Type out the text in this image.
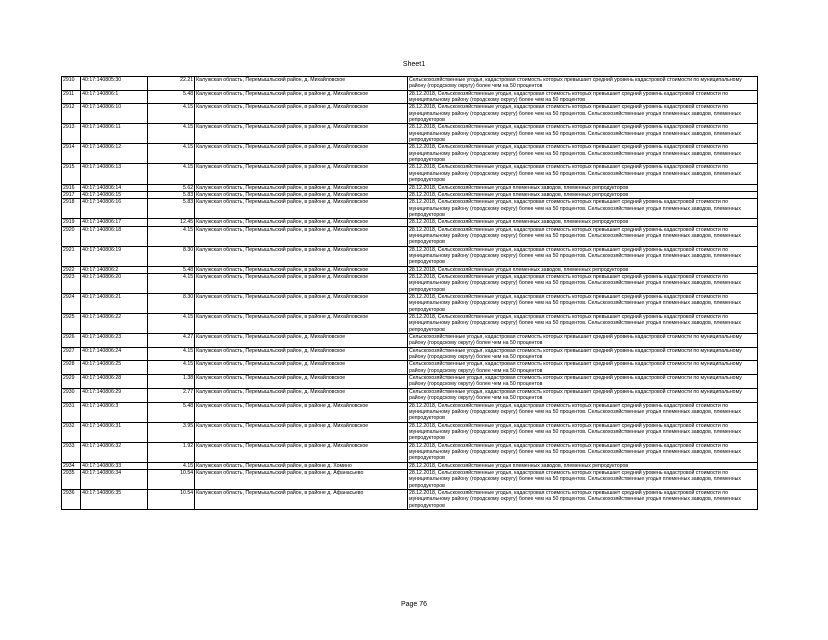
Sheet1
2910	40:17:140805:30	22.21	Калужская область, Перемышльский район, д. Михайловское	Сельскохозяйственные угодья, кадастровая стоимость которых превышает средний уровень кадастровой стоимости по муниципальному району (городскому округу) более чем на 50 процентов
2911	40:17:140806:1	5.48	Калужская область, Перемышльский район, в районе д. Михайловское	28.12.2018, Сельскохозяйственные угодья, кадастровая стоимость которых превышает средний уровень кадастровой стоимости по муниципальному району (городскому округу) более чем на 50 процентов
2912	40:17:140806:10	4.15	Калужская область, Перемышльский район, в районе д. Михайловское	28.12.2018, Сельскохозяйственные угодья, кадастровая стоимость которых превышает средний уровень кадастровой стоимости по муниципальному району (городскому округу) более чем на 50 процентов. Сельскохозяйственные угодья племенных заводов, племенных репродукторов
2913	40:17:140806:11	4.15	Калужская область, Перемышльский район, в районе д. Михайловское	28.12.2018, Сельскохозяйственные угодья, кадастровая стоимость которых превышает средний уровень кадастровой стоимости по муниципальному району (городскому округу) более чем на 50 процентов. Сельскохозяйственные угодья племенных заводов, племенных репродукторов
2914	40:17:140806:12	4.15	Калужская область, Перемышльский район, в районе д. Михайловское	28.12.2018, Сельскохозяйственные угодья, кадастровая стоимость которых превышает средний уровень кадастровой стоимости по муниципальному району (городскому округу) более чем на 50 процентов. Сельскохозяйственные угодья племенных заводов, племенных репродукторов
2915	40:17:140806:13	4.15	Калужская область, Перемышльский район, в районе д. Михайловское	28.12.2018, Сельскохозяйственные угодья, кадастровая стоимость которых превышает средний уровень кадастровой стоимости по муниципальному району (городскому округу) более чем на 50 процентов. Сельскохозяйственные угодья племенных заводов, племенных репродукторов
2916	40:17:140806:14	5.62	Калужская область, Перемышльский район, в районе д. Михайловское	28.12.2018, Сельскохозяйственные угодья племенных заводов, племенных репродукторов
2917	40:17:140806:15	5.83	Калужская область, Перемышльский район, в районе д. Михайловское	28.12.2018, Сельскохозяйственные угодья племенных заводов, племенных репродукторов
2918	40:17:140806:16	5.83	Калужская область, Перемышльский район, в районе д. Михайловское	28.12.2018, Сельскохозяйственные угодья, кадастровая стоимость которых превышает средний уровень кадастровой стоимости по муниципальному району (городскому округу) более чем на 50 процентов. Сельскохозяйственные угодья племенных заводов, племенных репродукторов
2919	40:17:140806:17	12.45	Калужская область, Перемышльский район, в районе д. Михайловское	28.12.2018, Сельскохозяйственные угодья племенных заводов, племенных репродукторов
2920	40:17:140806:18	4.15	Калужская область, Перемышльский район, в районе д. Михайловское	28.12.2018, Сельскохозяйственные угодья, кадастровая стоимость которых превышает средний уровень кадастровой стоимости по муниципальному району (городскому округу) более чем на 50 процентов. Сельскохозяйственные угодья племенных заводов, племенных репродукторов
2921	40:17:140806:19	8.30	Калужская область, Перемышльский район, в районе д. Михайловское	28.12.2018, Сельскохозяйственные угодья, кадастровая стоимость которых превышает средний уровень кадастровой стоимости по муниципальному району (городскому округу) более чем на 50 процентов. Сельскохозяйственные угодья племенных заводов, племенных репродукторов
2922	40:17:140806:2	5.48	Калужская область, Перемышльский район, в районе д. Михайловское	28.12.2018, Сельскохозяйственные угодья племенных заводов, племенных репродукторов
2923	40:17:140806:20	4.15	Калужская область, Перемышльский район, в районе д. Михайловское	28.12.2018, Сельскохозяйственные угодья, кадастровая стоимость которых превышает средний уровень кадастровой стоимости по муниципальному району (городскому округу) более чем на 50 процентов. Сельскохозяйственные угодья племенных заводов, племенных репродукторов
2924	40:17:140806:21	8.30	Калужская область, Перемышльский район, в районе д. Михайловское	28.12.2018, Сельскохозяйственные угодья, кадастровая стоимость которых превышает средний уровень кадастровой стоимости по муниципальному району (городскому округу) более чем на 50 процентов. Сельскохозяйственные угодья племенных заводов, племенных репродукторов
2925	40:17:140806:22	4.15	Калужская область, Перемышльский район, в районе д. Михайловское	28.12.2018, Сельскохозяйственные угодья, кадастровая стоимость которых превышает средний уровень кадастровой стоимости по муниципальному району (городскому округу) более чем на 50 процентов. Сельскохозяйственные угодья племенных заводов, племенных репродукторов
2926	40:17:140806:23	4.27	Калужская область, Перемышльский район, д. Михайловское	Сельскохозяйственные угодья, кадастровая стоимость которых превышает средний уровень кадастровой стоимости по муниципальному району (городскому округу) более чем на 50 процентов
2927	40:17:140806:24	4.15	Калужская область, Перемышльский район, д. Михайловское	Сельскохозяйственные угодья, кадастровая стоимость которых превышает средний уровень кадастровой стоимости по муниципальному району (городскому округу) более чем на 50 процентов
2928	40:17:140806:25	4.15	Калужская область, Перемышльский район, д. Михайловское	Сельскохозяйственные угодья, кадастровая стоимость которых превышает средний уровень кадастровой стоимости по муниципальному району (городскому округу) более чем на 50 процентов
2929	40:17:140806:28	1.38	Калужская область, Перемышльский район, д. Михайловское	Сельскохозяйственные угодья, кадастровая стоимость которых превышает средний уровень кадастровой стоимости по муниципальному району (городскому округу) более чем на 50 процентов
2930	40:17:140806:29	2.77	Калужская область, Перемышльский район, д. Михайловское	Сельскохозяйственные угодья, кадастровая стоимость которых превышает средний уровень кадастровой стоимости по муниципальному району (городскому округу) более чем на 50 процентов
2931	40:17:140806:3	5.48	Калужская область, Перемышльский район, в районе д. Михайловское	28.12.2018, Сельскохозяйственные угодья, кадастровая стоимость которых превышает средний уровень кадастровой стоимости по муниципальному району (городскому округу) более чем на 50 процентов. Сельскохозяйственные угодья племенных заводов, племенных репродукторов
2932	40:17:140806:31	3.95	Калужская область, Перемышльский район, в районе д. Михайловское	28.12.2018, Сельскохозяйственные угодья, кадастровая стоимость которых превышает средний уровень кадастровой стоимости по муниципальному району (городскому округу) более чем на 50 процентов. Сельскохозяйственные угодья племенных заводов, племенных репродукторов
2933	40:17:140806:32	1.92	Калужская область, Перемышльский район, в районе д. Михайловское	28.12.2018, Сельскохозяйственные угодья, кадастровая стоимость которых превышает средний уровень кадастровой стоимости по муниципальному району (городскому округу) более чем на 50 процентов. Сельскохозяйственные угодья племенных заводов, племенных репродукторов
2934	40:17:140806:33	4.15	Калужская область, Перемышльский район, в районе д. Хомино	28.12.2018, Сельскохозяйственные угодья племенных заводов, племенных репродукторов
2935	40:17:140806:34	10.54	Калужская область, Перемышльский район, в районе д. Афанасьево	28.12.2018, Сельскохозяйственные угодья, кадастровая стоимость которых превышает средний уровень кадастровой стоимости по муниципальному району (городскому округу) более чем на 50 процентов. Сельскохозяйственные угодья племенных заводов, племенных репродукторов
2936	40:17:140806:35	10.54	Калужская область, Перемышльский район, в районе д. Афанасьево	28.12.2018, Сельскохозяйственные угодья, кадастровая стоимость которых превышает средний уровень кадастровой стоимости по муниципальному району (городскому округу) более чем на 50 процентов. Сельскохозяйственные угодья племенных заводов, племенных репродукторов
Page 76
